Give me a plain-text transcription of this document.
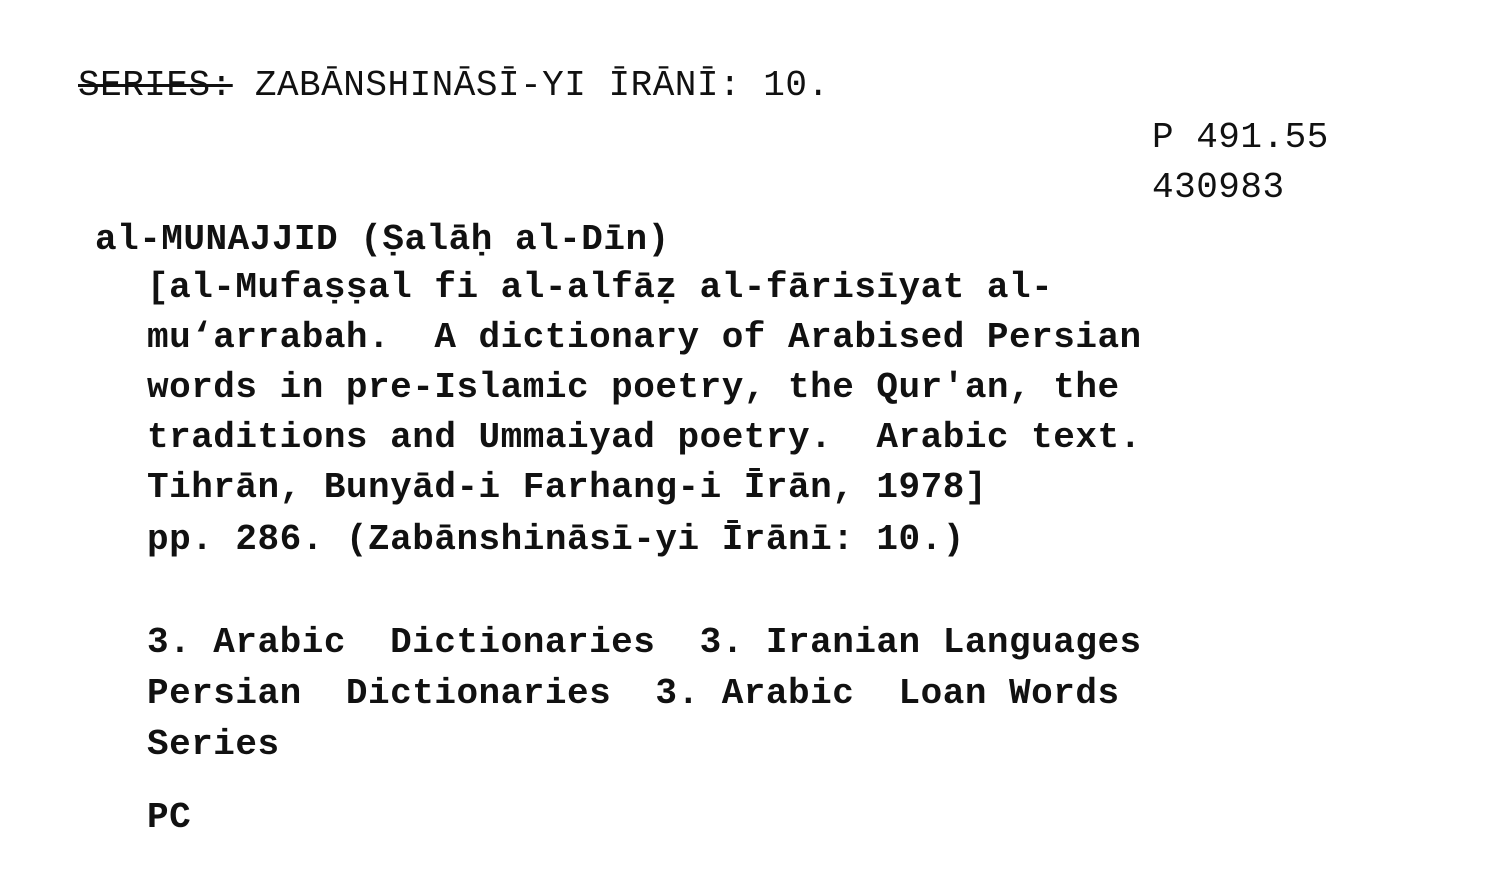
SERIES: ZABĀNSHINĀSĪ-YI ĪRĀNĪ: 10.
P 491.55
430983
al-MUNAJJID (Ṣalāḥ al-Dīn)
[al-Mufaṣṣal fi al-alfāẓ al-fārisīyat al-
mu‘arrabah.  A dictionary of Arabised Persian
words in pre-Islamic poetry, the Qur'an, the
traditions and Ummaiyad poetry.  Arabic text.
Tihrān, Bunyād-i Farhang-i Īrān, 1978]
pp. 286. (Zabānshināsī-yi Īrānī: 10.)
3. Arabic  Dictionaries  3. Iranian Languages
Persian  Dictionaries  3. Arabic  Loan Words
Series
PC
